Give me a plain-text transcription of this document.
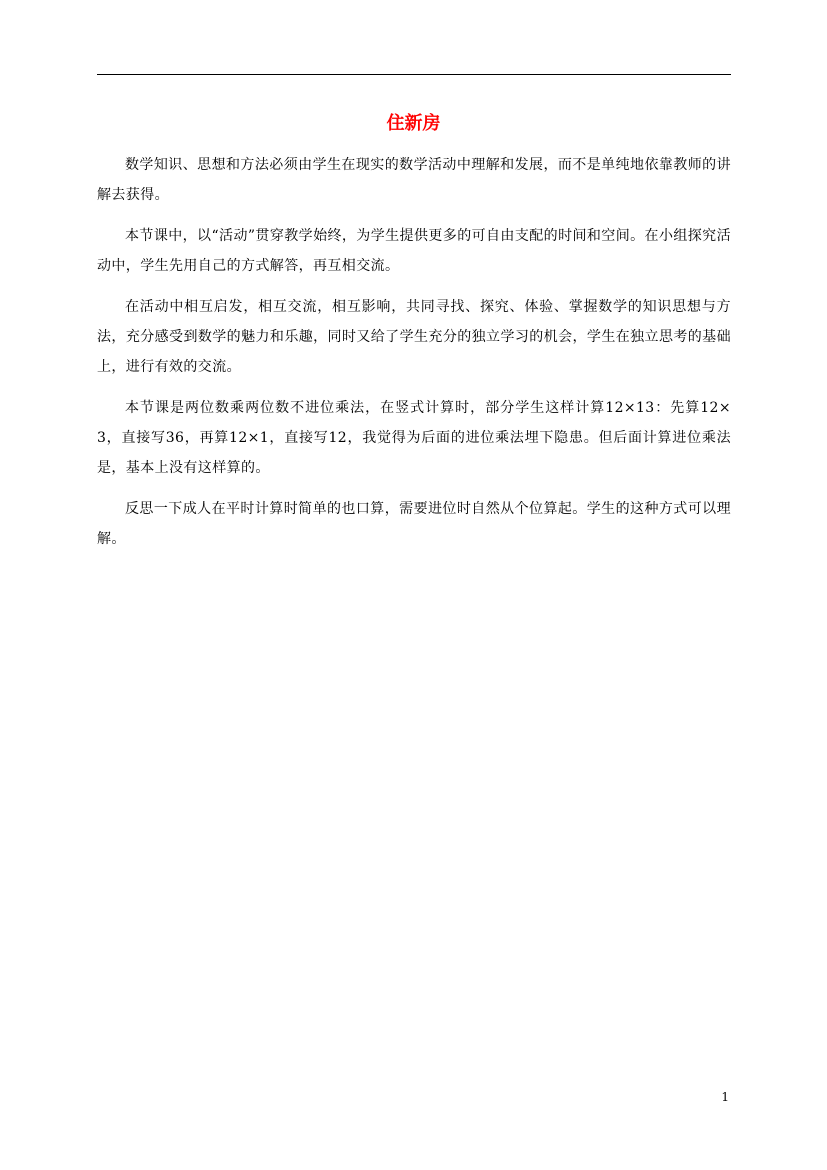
住新房

数学知识、思想和方法必须由学生在现实的数学活动中理解和发展，而不是单纯地依靠教师的讲解去获得。

本节课中，以“活动”贯穿教学始终，为学生提供更多的可自由支配的时间和空间。在小组探究活动中，学生先用自己的方式解答，再互相交流。

在活动中相互启发，相互交流，相互影响，共同寻找、探究、体验、掌握数学的知识思想与方法，充分感受到数学的魅力和乐趣，同时又给了学生充分的独立学习的机会，学生在独立思考的基础上，进行有效的交流。

本节课是两位数乘两位数不进位乘法，在竖式计算时，部分学生这样计算12×13：先算12×3，直接写36，再算12×1，直接写12，我觉得为后面的进位乘法埋下隐患。但后面计算进位乘法是，基本上没有这样算的。

反思一下成人在平时计算时简单的也口算，需要进位时自然从个位算起。学生的这种方式可以理解。

1
